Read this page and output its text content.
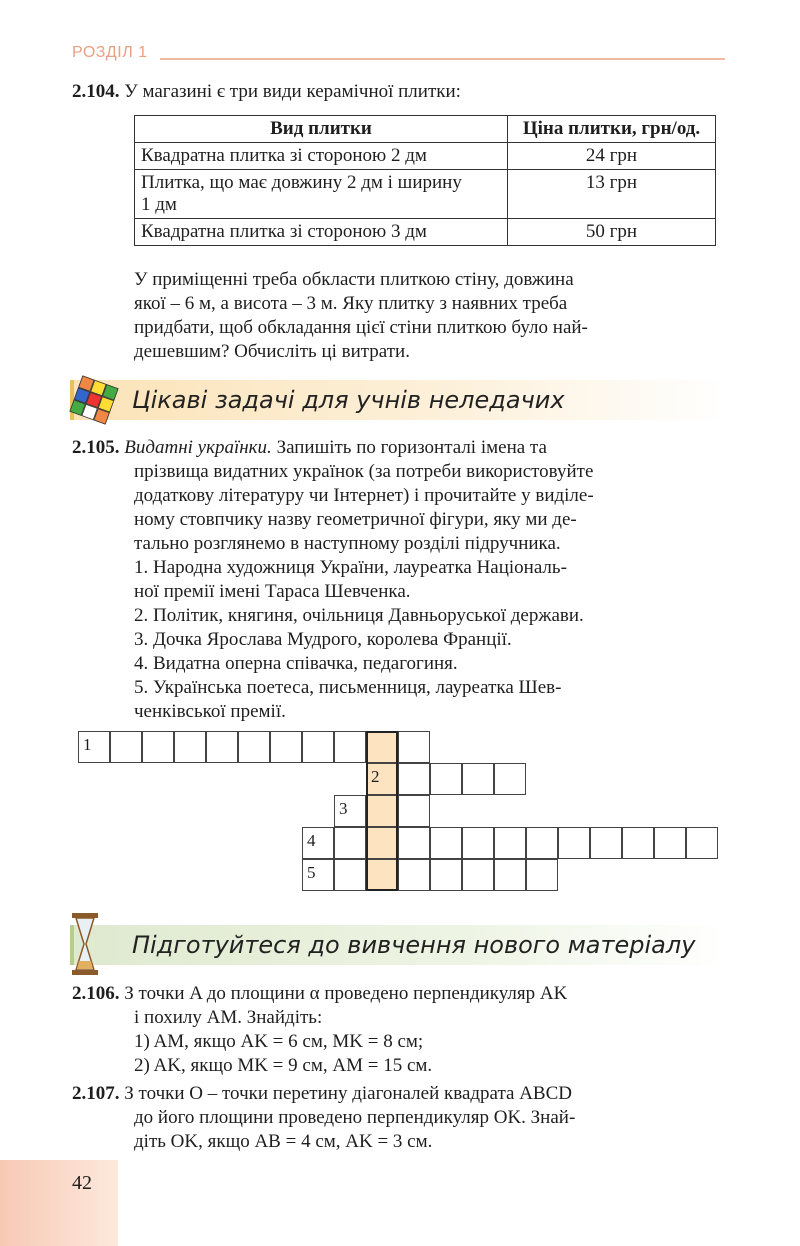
РОЗДІЛ 1
2.104. У магазині є три види керамічної плитки:
Вид плитки	Ціна плитки, грн/од.
Квадратна плитка зі стороною 2 дм	24 грн
Плитка, що має довжину 2 дм і ширину 1 дм	13 грн
Квадратна плитка зі стороною 3 дм	50 грн
У приміщенні треба обкласти плиткою стіну, довжина
якої – 6 м, а висота – 3 м. Яку плитку з наявних треба
придбати, щоб обкладання цієї стіни плиткою було най-
дешевшим? Обчисліть ці витрати.
Цікаві задачі для учнів неледачих
2.105. Видатні українки. Запишіть по горизонталі імена та
прізвища видатних українок (за потреби використовуйте
додаткову літературу чи Інтернет) і прочитайте у виділе-
ному стовпчику назву геометричної фігури, яку ми де-
тально розглянемо в наступному розділі підручника.
1. Народна художниця України, лауреатка Національ-
ної премії імені Тараса Шевченка.
2. Політик, княгиня, очільниця Давньоруської держави.
3. Дочка Ярослава Мудрого, королева Франції.
4. Видатна оперна співачка, педагогиня.
5. Українська поетеса, письменниця, лауреатка Шев-
ченківської премії.
1
2
3
4
5
Підготуйтеся до вивчення нового матеріалу
2.106. З точки A до площини α проведено перпендикуляр AK
і похилу AM. Знайдіть:
1) AM, якщо AK = 6 см, MK = 8 см;
2) AK, якщо MK = 9 см, AM = 15 см.
2.107. З точки O – точки перетину діагоналей квадрата ABCD
до його площини проведено перпендикуляр OK. Знай-
діть OK, якщо AB = 4 см, AK = 3 см.
42
